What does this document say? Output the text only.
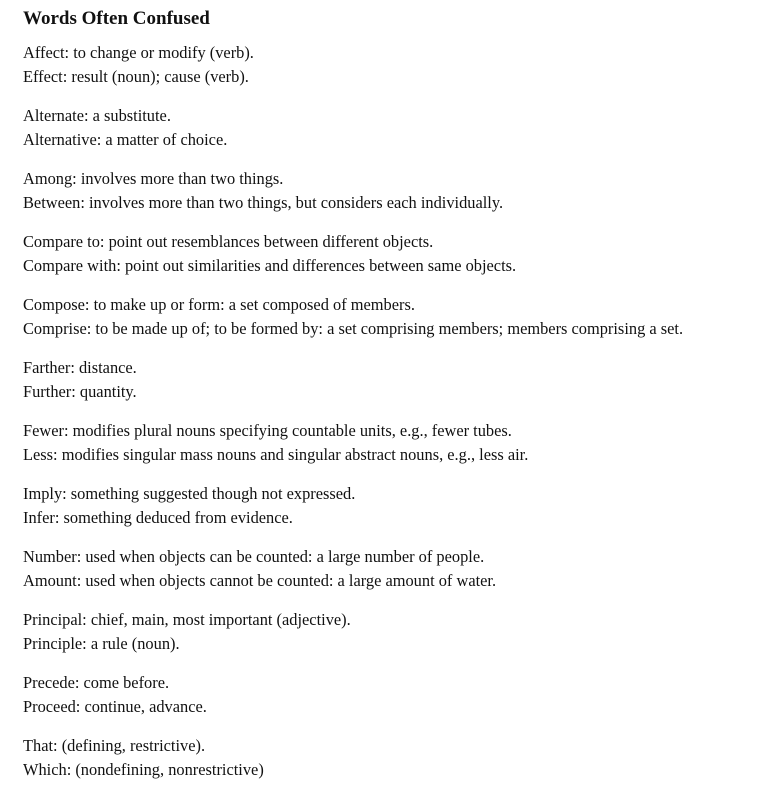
Words Often Confused
Affect: to change or modify (verb).
Effect: result (noun); cause (verb).
Alternate: a substitute.
Alternative: a matter of choice.
Among: involves more than two things.
Between: involves more than two things, but considers each individually.
Compare to: point out resemblances between different objects.
Compare with: point out similarities and differences between same objects.
Compose: to make up or form: a set composed of members.
Comprise: to be made up of; to be formed by: a set comprising members; members comprising a set.
Farther: distance.
Further: quantity.
Fewer: modifies plural nouns specifying countable units, e.g., fewer tubes.
Less: modifies singular mass nouns and singular abstract nouns, e.g., less air.
Imply: something suggested though not expressed.
Infer: something deduced from evidence.
Number: used when objects can be counted: a large number of people.
Amount: used when objects cannot be counted: a large amount of water.
Principal: chief, main, most important (adjective).
Principle: a rule (noun).
Precede: come before.
Proceed: continue, advance.
That: (defining, restrictive).
Which: (nondefining, nonrestrictive)
